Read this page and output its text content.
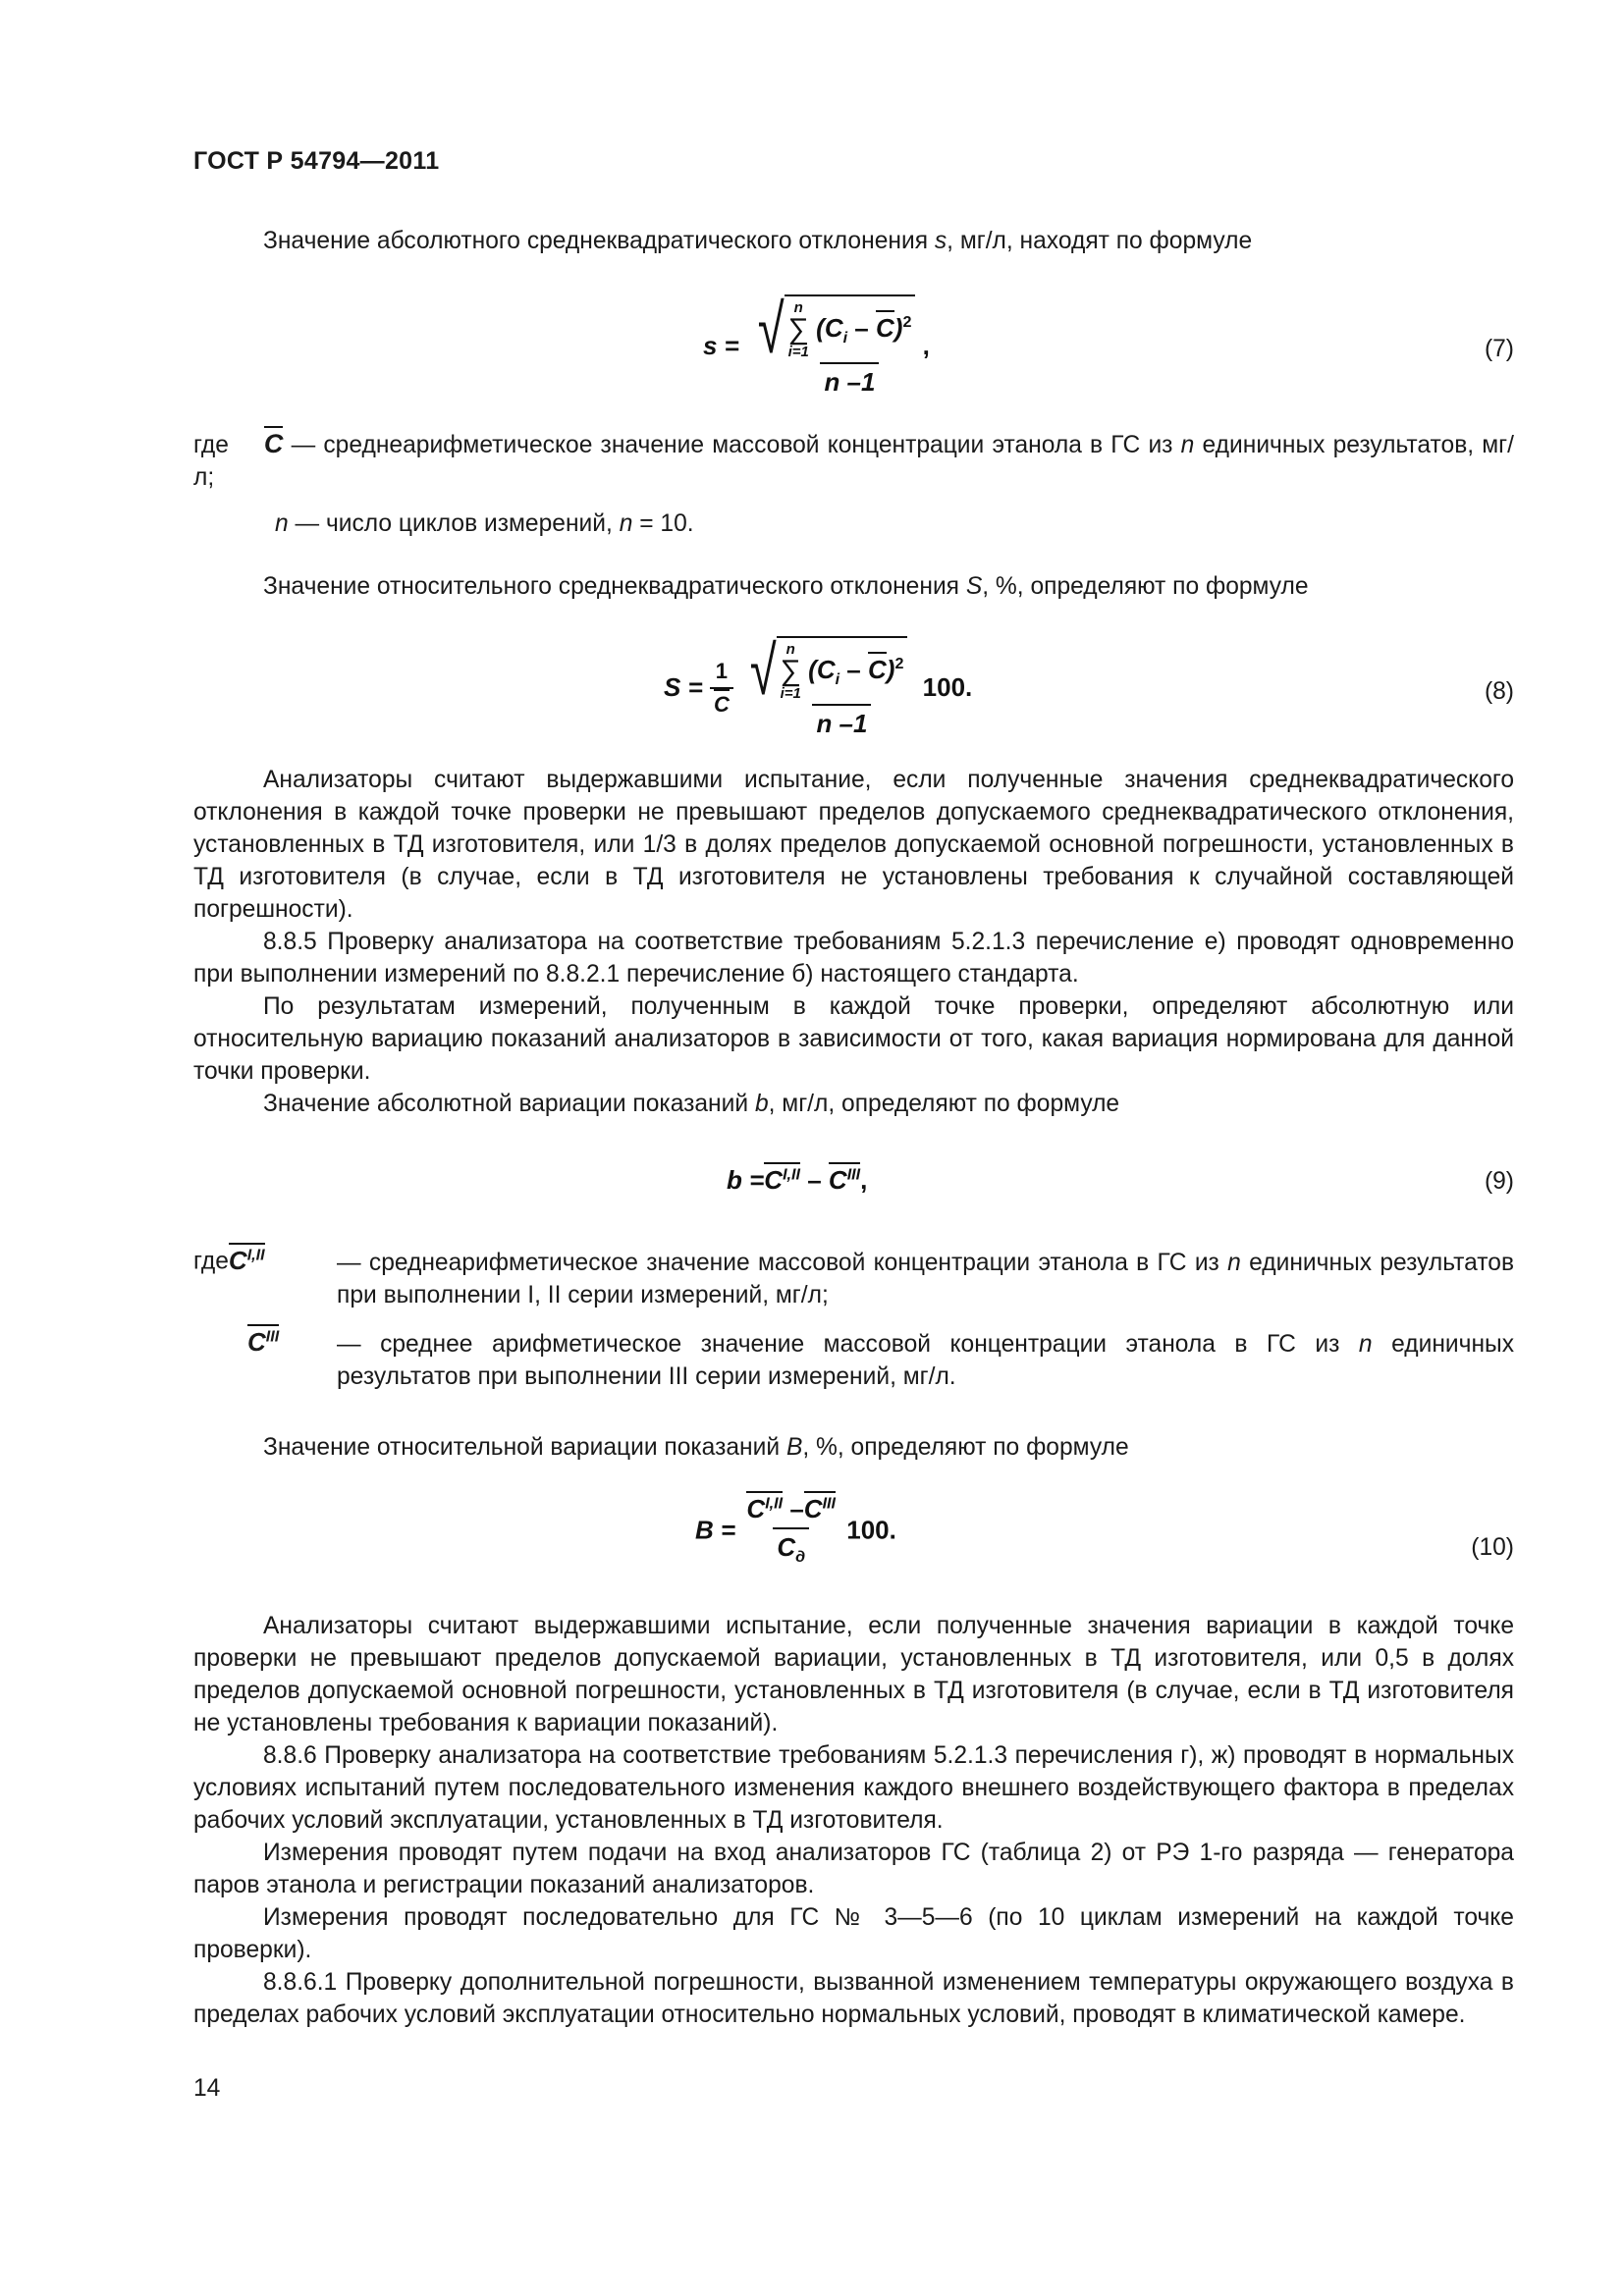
ГОСТ Р 54794—2011
Значение абсолютного среднеквадратического отклонения s, мг/л, находят по формуле
s = √ n
∑
i=1
$(C_i - C)^2$
n –1 ,	(7)
где C — среднеарифметическое значение массовой концентрации этанола в ГС из n единичных результатов, мг/л;
n — число циклов измерений, n = 10.
Значение относительного среднеквадратического отклонения S, %, определяют по формуле
$S = \frac{1}{C}$
√ n
∑
i=1
$(C_i - C)^2$
n –1 100.	(8)
Анализаторы считают выдержавшими испытание, если полученные значения среднеквадратического отклонения в каждой точке проверки не превышают пределов допускаемого среднеквадратического отклонения, установленных в ТД изготовителя, или 1/3 в долях пределов допускаемой основной погрешности, установленных в ТД изготовителя (в случае, если в ТД изготовителя не установлены требования к случайной составляющей погрешности).
8.8.5 Проверку анализатора на соответствие требованиям 5.2.1.3 перечисление е) проводят одновременно при выполнении измерений по 8.8.2.1 перечисление б) настоящего стандарта.
По результатам измерений, полученным в каждой точке проверки, определяют абсолютную или относительную вариацию показаний анализаторов в зависимости от того, какая вариация нормирована для данной точки проверки.
Значение абсолютной вариации показаний b, мг/л, определяют по формуле
$b =C^{I,II} - C^{III}$,	(9)
гдеC$^{I,II}$	— среднеарифметическое значение массовой концентрации этанола в ГС из n единичных результатов при выполнении I, II серии измерений, мг/л;
$C^{III}$ — среднее арифметическое значение массовой концентрации этанола в ГС из n единичных результатов при выполнении III серии измерений, мг/л.
Значение относительной вариации показаний B, %, определяют по формуле
$B = \frac{C^{I,II} -C^{III}}{C_д} 100$.
(10)
Анализаторы считают выдержавшими испытание, если полученные значения вариации в каждой точке проверки не превышают пределов допускаемой вариации, установленных в ТД изготовителя, или 0,5 в долях пределов допускаемой основной погрешности, установленных в ТД изготовителя (в случае, если в ТД изготовителя не установлены требования к вариации показаний).
8.8.6 Проверку анализатора на соответствие требованиям 5.2.1.3 перечисления г), ж) проводят в нормальных условиях испытаний путем последовательного изменения каждого внешнего воздействующего фактора в пределах рабочих условий эксплуатации, установленных в ТД изготовителя.
Измерения проводят путем подачи на вход анализаторов ГС (таблица 2) от РЭ 1-го разряда — генератора паров этанола и регистрации показаний анализаторов.
Измерения проводят последовательно для ГС № 3—5—6 (по 10 циклам измерений на каждой точке проверки).
8.8.6.1 Проверку дополнительной погрешности, вызванной изменением температуры окружающего воздуха в пределах рабочих условий эксплуатации относительно нормальных условий, проводят в климатической камере.
14
